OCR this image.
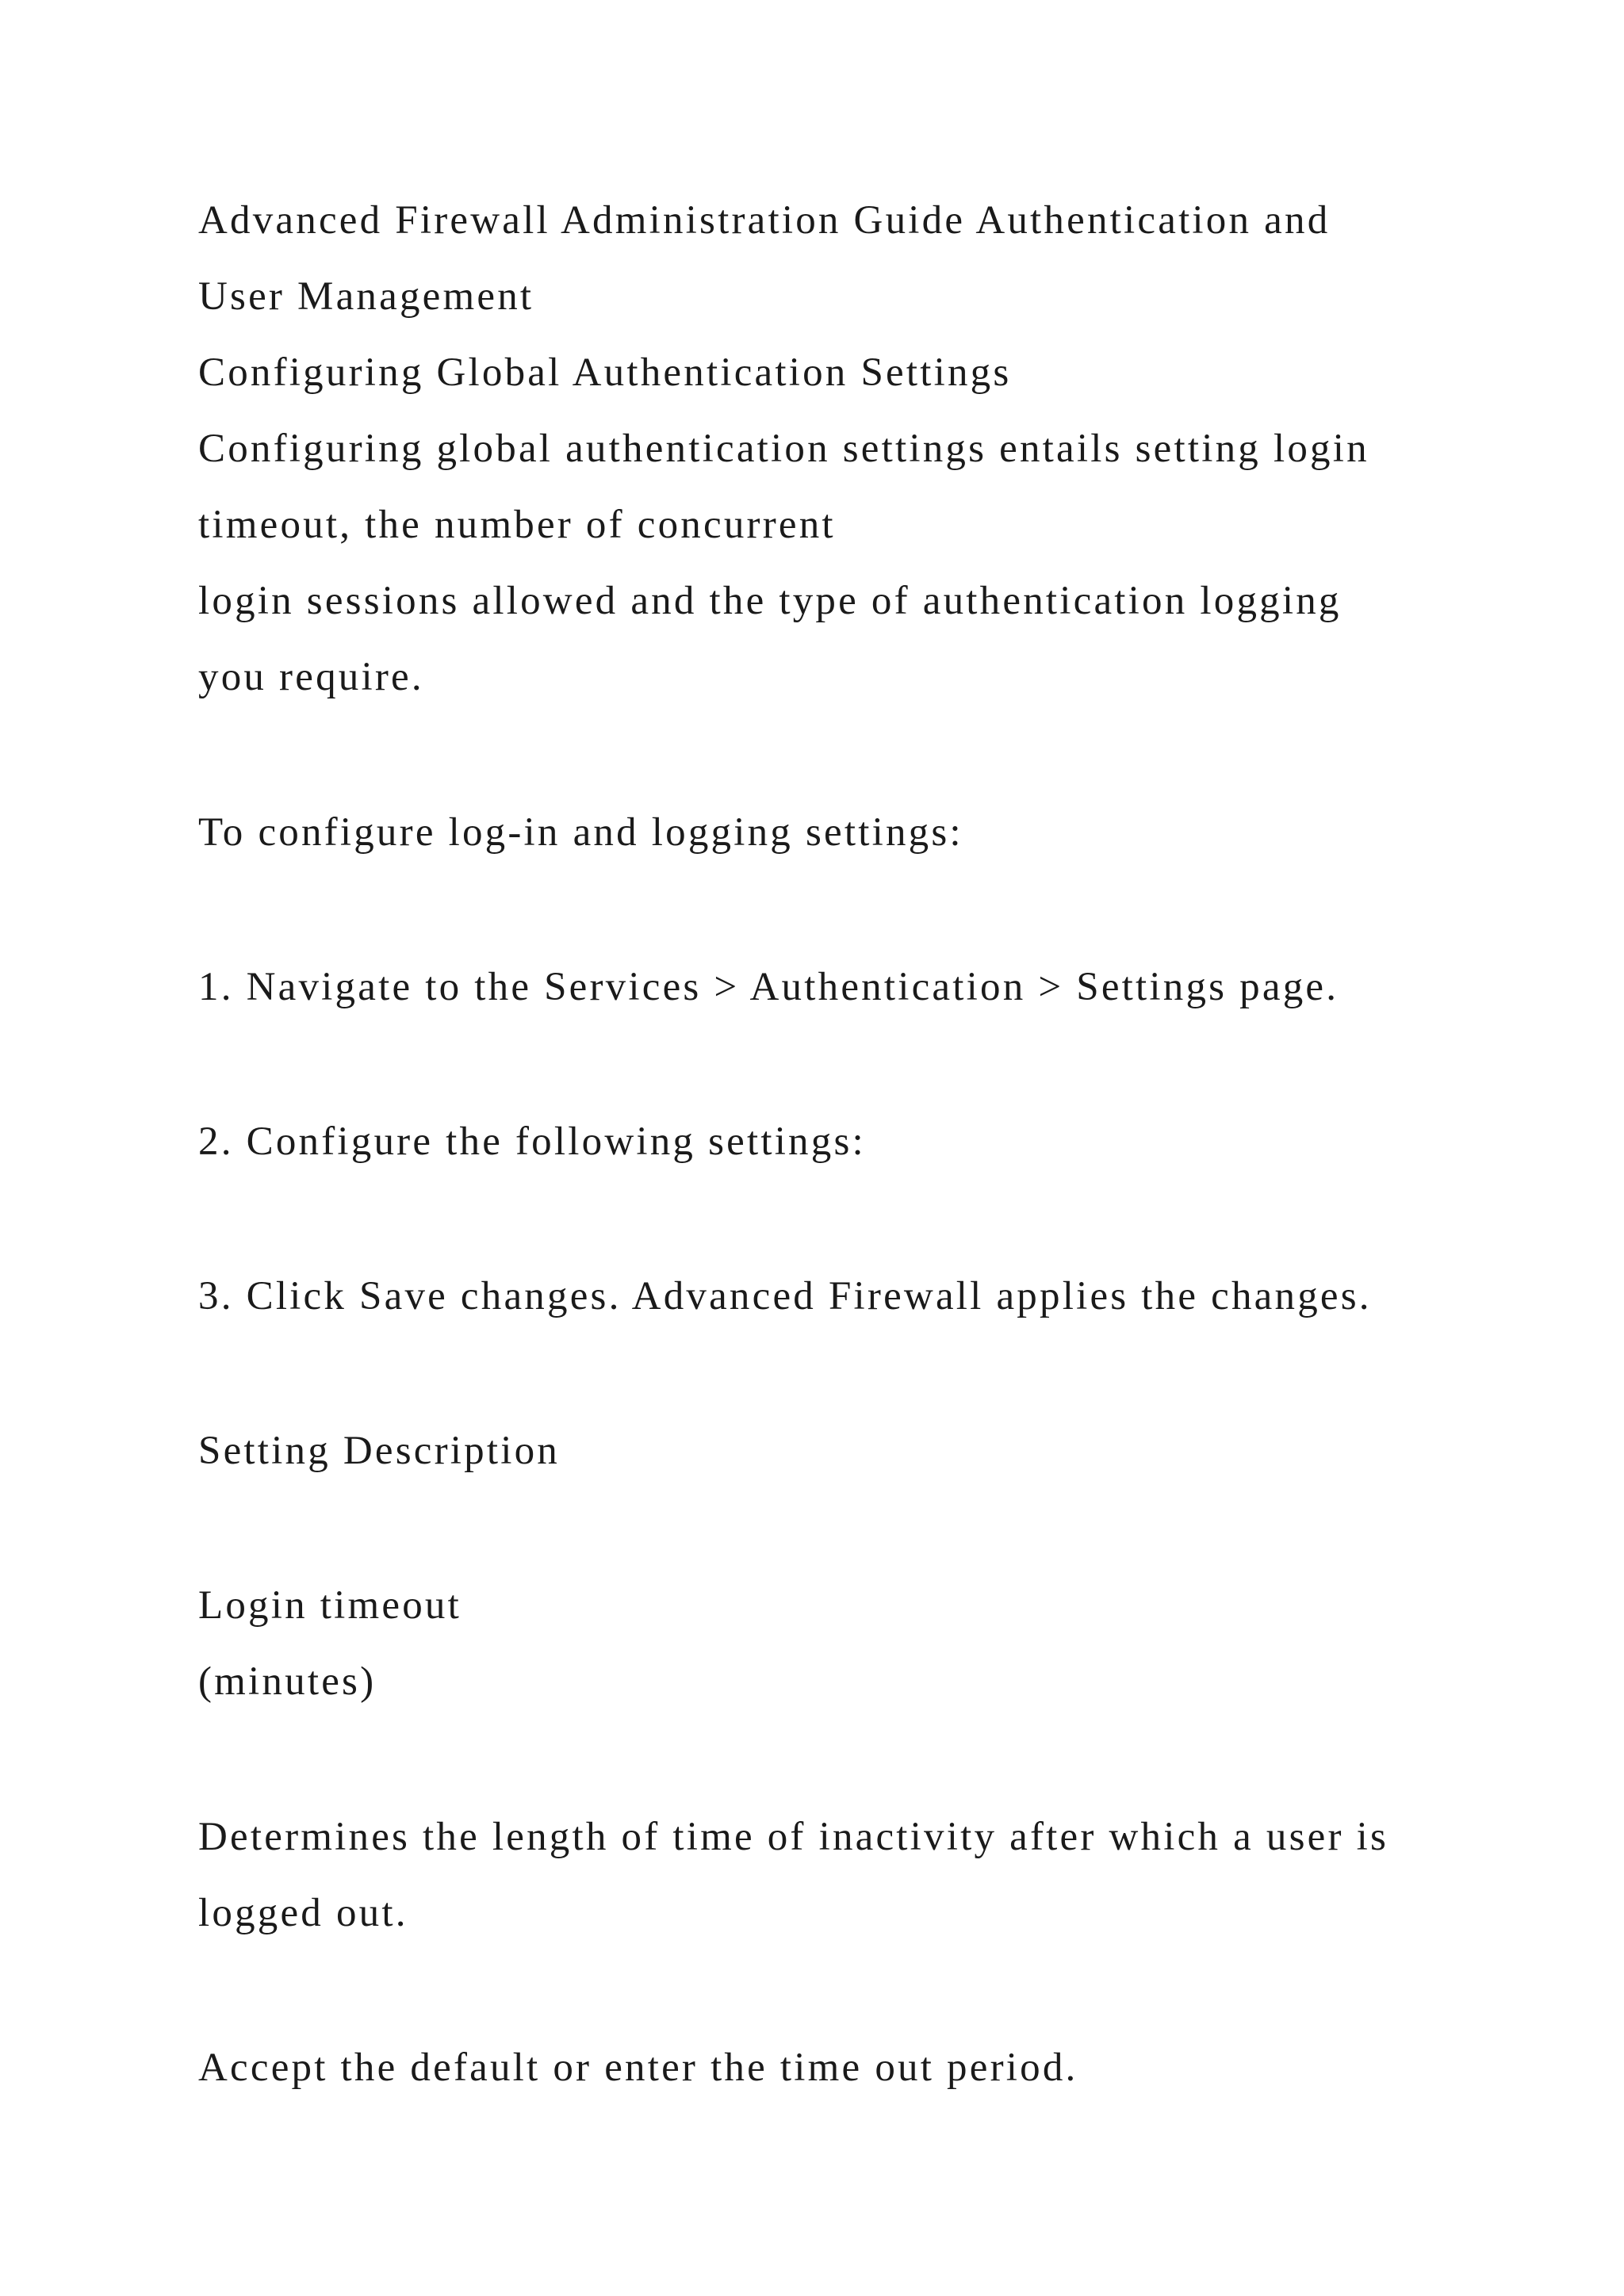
Advanced Firewall Administration Guide Authentication and

User Management

Configuring Global Authentication Settings

Configuring global authentication settings entails setting login

timeout, the number of concurrent

login sessions allowed and the type of authentication logging

you require.

To configure log-in and logging settings:

1. Navigate to the Services > Authentication > Settings page.

2. Configure the following settings:

3. Click Save changes. Advanced Firewall applies the changes.

Setting Description

Login timeout

(minutes)

Determines the length of time of inactivity after which a user is

logged out.

Accept the default or enter the time out period.
